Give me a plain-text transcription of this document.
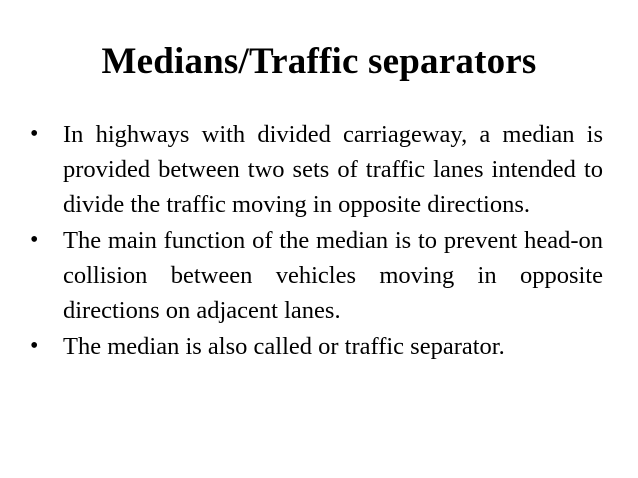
Medians/Traffic separators
•	In highways with divided carriageway, a median is provided between two sets of traffic lanes intended to divide the traffic moving in opposite directions.
•	The main function of the median is to prevent head-on collision between vehicles moving in opposite directions on adjacent lanes.
•	The median is also called or traffic separator.
